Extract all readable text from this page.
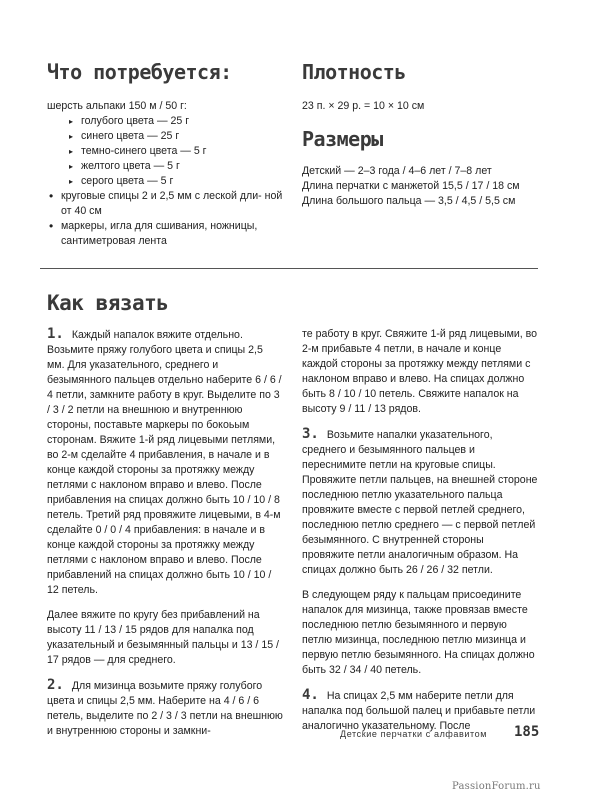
Что потребуется:

шерсть альпаки 150 м / 50 г:

▸ голубого цвета — 25 г
▸ синего цвета — 25 г
▸ темно-синего цвета — 5 г
▸ желтого цвета — 5 г
▸ серого цвета — 5 г
• круговые спицы 2 и 2,5 мм с леской дли- ной от 40 см
• маркеры, игла для сшивания, ножницы, сантиметровая лента
Плотность
23 п. × 29 р. = 10 × 10 см
Размеры

Детский — 2–3 года / 4–6 лет / 7–8 лет

Длина перчатки с манжетой 15,5 / 17 / 18 см

Длина большого пальца — 3,5 / 4,5 / 5,5 см

Как вязать

1. Каждый напалок вяжите отдельно. Возьмите пряжу голубого цвета и спицы 2,5 мм. Для указательного, среднего и безымянного пальцев отдельно наберите 6 / 6 / 4 петли, замкните работу в круг. Выделите по 3 / 3 / 2 петли на внешнюю и внутреннюю стороны, поставьте маркеры по бокоьым сторонам. Вяжите 1-й ряд лицевыми петлями, во 2-м сделайте 4 прибавления, в начале и в конце каждой стороны за протяжку между петлями с наклоном вправо и влево. После прибавления на спицах должно быть 10 / 10 / 8 петель. Третий ряд провяжите лицевыми, в 4-м сделайте 0 / 0 / 4 прибавления: в начале и в конце каждой стороны за протяжку между петлями с наклоном вправо и влево. После прибавлений на спицах должно быть 10 / 10 / 12 петель.

Далее вяжите по кругу без прибавлений на высоту 11 / 13 / 15 рядов для напалка под указательный и безымянный пальцы и 13 / 15 / 17 рядов — для среднего.

2. Для мизинца возьмите пряжу голубого цвета и спицы 2,5 мм. Наберите на 4 / 6 / 6 петель, выделите по 2 / 3 / 3 петли на внешнюю и внутреннюю стороны и замкни-

те работу в круг. Свяжите 1-й ряд лицевыми, во 2-м прибавьте 4 петли, в начале и конце каждой стороны за протяжку между петлями с наклоном вправо и влево. На спицах должно быть 8 / 10 / 10 петель. Свяжите напалок на высоту 9 / 11 / 13 рядов.

3. Возьмите напалки указательного, среднего и безымянного пальцев и переснимите петли на круговые спицы. Провяжите петли пальцев, на внешней стороне последнюю петлю указательного пальца провяжите вместе с первой петлей среднего, последнюю петлю среднего — с первой петлей безымянного. С внутренней стороны провяжите петли аналогичным образом. На спицах должно быть 26 / 26 / 32 петли.

В следующем ряду к пальцам присоедините напалок для мизинца, также провязав вместе последнюю петлю безымянного и первую петлю мизинца, последнюю петлю мизинца и первую петлю безымянного. На спицах должно быть 32 / 34 / 40 петель.

4. На спицах 2,5 мм наберите петли для напалка под большой палец и прибавьте петли аналогично указательному. После

Детские перчатки с алфавитом 185
PassionForum.ru
